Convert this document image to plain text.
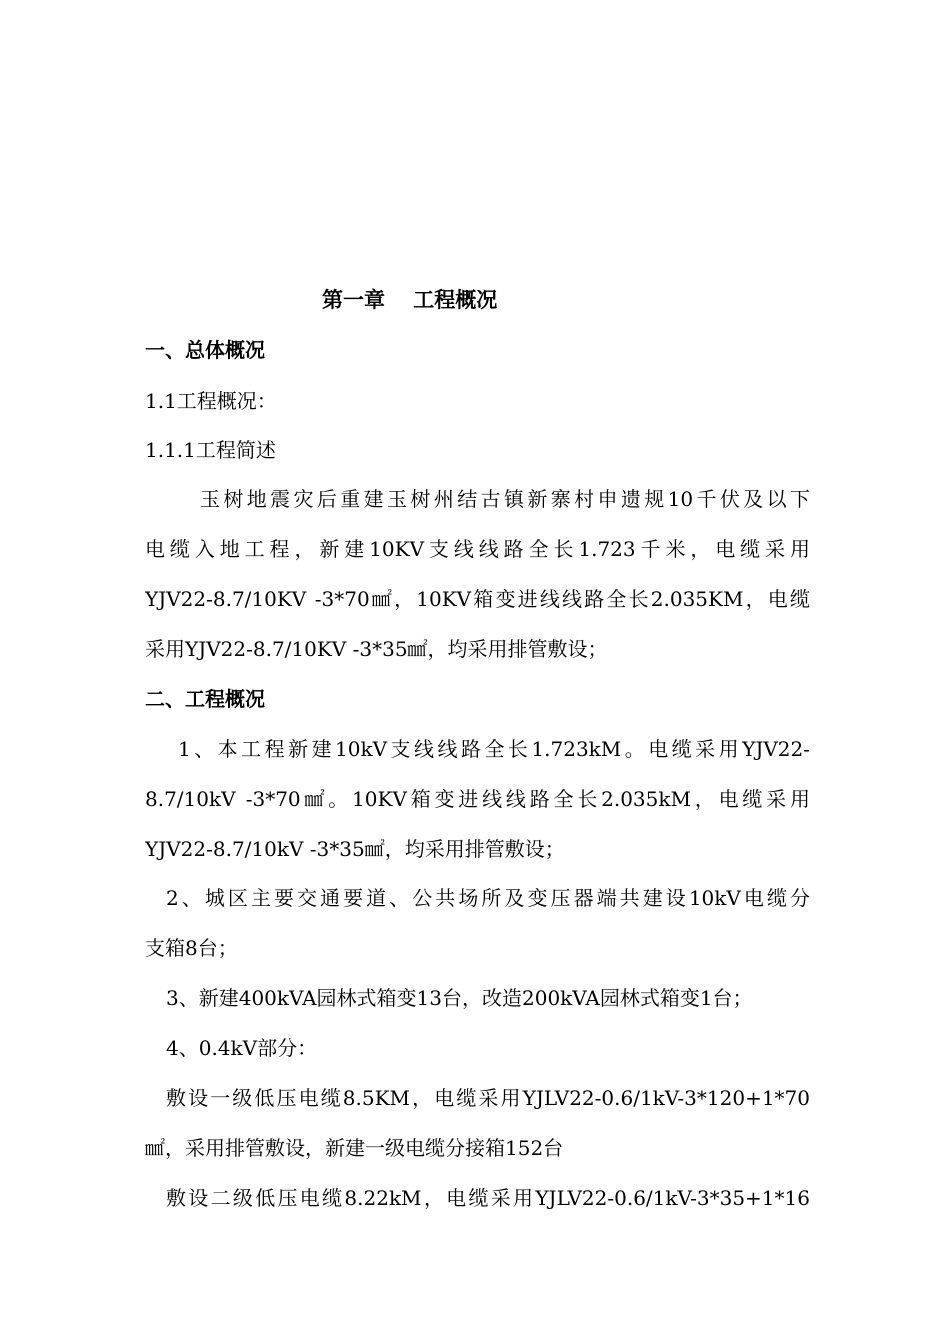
第一章　 工程概况
一、总体概况
1.1工程概况：
1.1.1工程简述
玉树地震灾后重建玉树州结古镇新寨村申遗规10千伏及以下
电缆入地工程，新建10KV支线线路全长1.723千米，电缆采用
YJV22-8.7/10KV -3*70㎟，10KV箱变进线线路全长2.035KM，电缆
采用YJV22-8.7/10KV -3*35㎟，均采用排管敷设；
二、工程概况
1、本工程新建10kV支线线路全长1.723kM。电缆采用YJV22-
8.7/10kV -3*70㎟。10KV箱变进线线路全长2.035kM，电缆采用
YJV22-8.7/10kV -3*35㎟，均采用排管敷设；
2、城区主要交通要道、公共场所及变压器端共建设10kV电缆分
支箱8台；
3、新建400kVA园林式箱变13台，改造200kVA园林式箱变1台；
4、0.4kV部分：
敷设一级低压电缆8.5KM，电缆采用YJLV22-0.6/1kV-3*120+1*70
㎟，采用排管敷设，新建一级电缆分接箱152台
敷设二级低压电缆8.22kM，电缆采用YJLV22-0.6/1kV-3*35+1*16
